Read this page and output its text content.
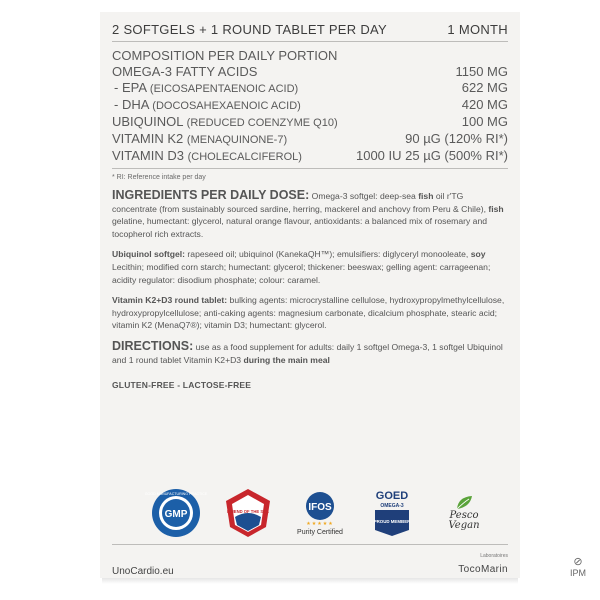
2 SOFTGELS + 1 ROUND TABLET PER DAY	1 MONTH
COMPOSITION PER DAILY PORTION
OMEGA-3 FATTY ACIDS	1150 MG
- EPA (EICOSAPENTAENOIC ACID)	622 MG
- DHA (DOCOSAHEXAENOIC ACID)	420 MG
UBIQUINOL (REDUCED COENZYME Q10)	100 MG
VITAMIN K2 (MENAQUINONE-7)	90 µG (120% RI*)
VITAMIN D3 (CHOLECALCIFEROL)	1000 IU 25 µG (500% RI*)
* RI: Reference intake per day
INGREDIENTS PER DAILY DOSE: Omega-3 softgel: deep-sea fish oil r'TG concentrate (from sustainably sourced sardine, herring, mackerel and anchovy from Peru & Chile), fish gelatine, humectant: glycerol, natural orange flavour, antioxidants: a balanced mix of rosemary and tocopherol rich extracts.
Ubiquinol softgel: rapeseed oil; ubiquinol (KanekaQH™); emulsifiers: diglyceryl monooleate, soy Lecithin; modified corn starch; humectant: glycerol; thickener: beeswax; gelling agent: carrageenan; acidity regulator: disodium phosphate; colour: caramel.
Vitamin K2+D3 round tablet: bulking agents: microcrystalline cellulose, hydroxypropylmethylcellulose, hydroxypropylcellulose; anti-caking agents: magnesium carbonate, dicalcium phosphate, stearic acid; vitamin K2 (MenaQ7®); vitamin D3; humectant: glycerol.
DIRECTIONS: use as a food supplement for adults: daily 1 softgel Omega-3, 1 softgel Ubiquinol and 1 round tablet Vitamin K2+D3 during the main meal
GLUTEN-FREE - LACTOSE-FREE
GMP
GOOD MANUFACTURING PRACTICE
FRIEND OF THE SEA	IFOS
★★★★★
Purity Certified
GOED
OMEGA-3
PROUD MEMBER
Pesco
Vegan
UnoCardio.eu
Laboratoires
TocoMarin
⊘
IPM
